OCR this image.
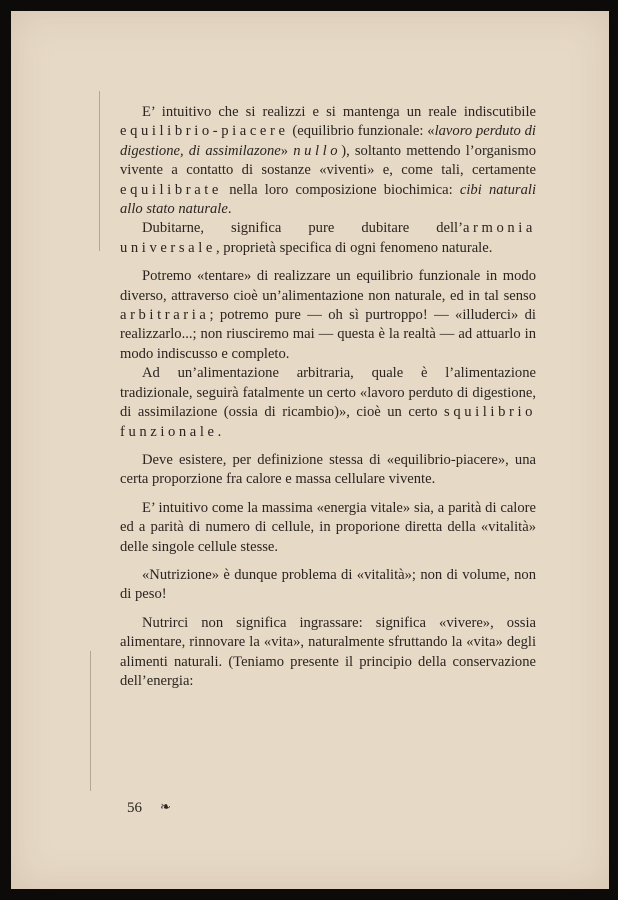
E’ intuitivo che si realizzi e si mantenga un reale indiscutibile equilibrio-piacere (equilibrio funzionale: «lavoro perduto di digestione, di assimilazone» nullo), soltanto mettendo l’organismo vivente a contatto di sostanze «viventi» e, come tali, certamente equilibrate nella loro composizione biochimica: cibi naturali allo stato naturale.

Dubitarne, significa pure dubitare dell’armonia universale, proprietà specifica di ogni fenomeno naturale.

Potremo «tentare» di realizzare un equilibrio funzionale in modo diverso, attraverso cioè un’alimentazione non naturale, ed in tal senso arbitraria; potremo pure — oh sì purtroppo! — «illuderci» di realizzarlo...; non riusciremo mai — questa è la realtà — ad attuarlo in modo indiscusso e completo.

Ad un’alimentazione arbitraria, quale è l’alimentazione tradizionale, seguirà fatalmente un certo «lavoro perduto di digestione, di assimilazione (ossia di ricambio)», cioè un certo squilibrio funzionale.

Deve esistere, per definizione stessa di «equilibrio-piacere», una certa proporzione fra calore e massa cellulare vivente.

E’ intuitivo come la massima «energia vitale» sia, a parità di calore ed a parità di numero di cellule, in proporione diretta della «vitalità» delle singole cellule stesse.

«Nutrizione» è dunque problema di «vitalità»; non di volume, non di peso!

Nutrirci non significa ingrassare: significa «vivere», ossia alimentare, rinnovare la «vita», naturalmente sfruttando la «vita» degli alimenti naturali. (Teniamo presente il principio della conservazione dell’energia:

56 ❧
